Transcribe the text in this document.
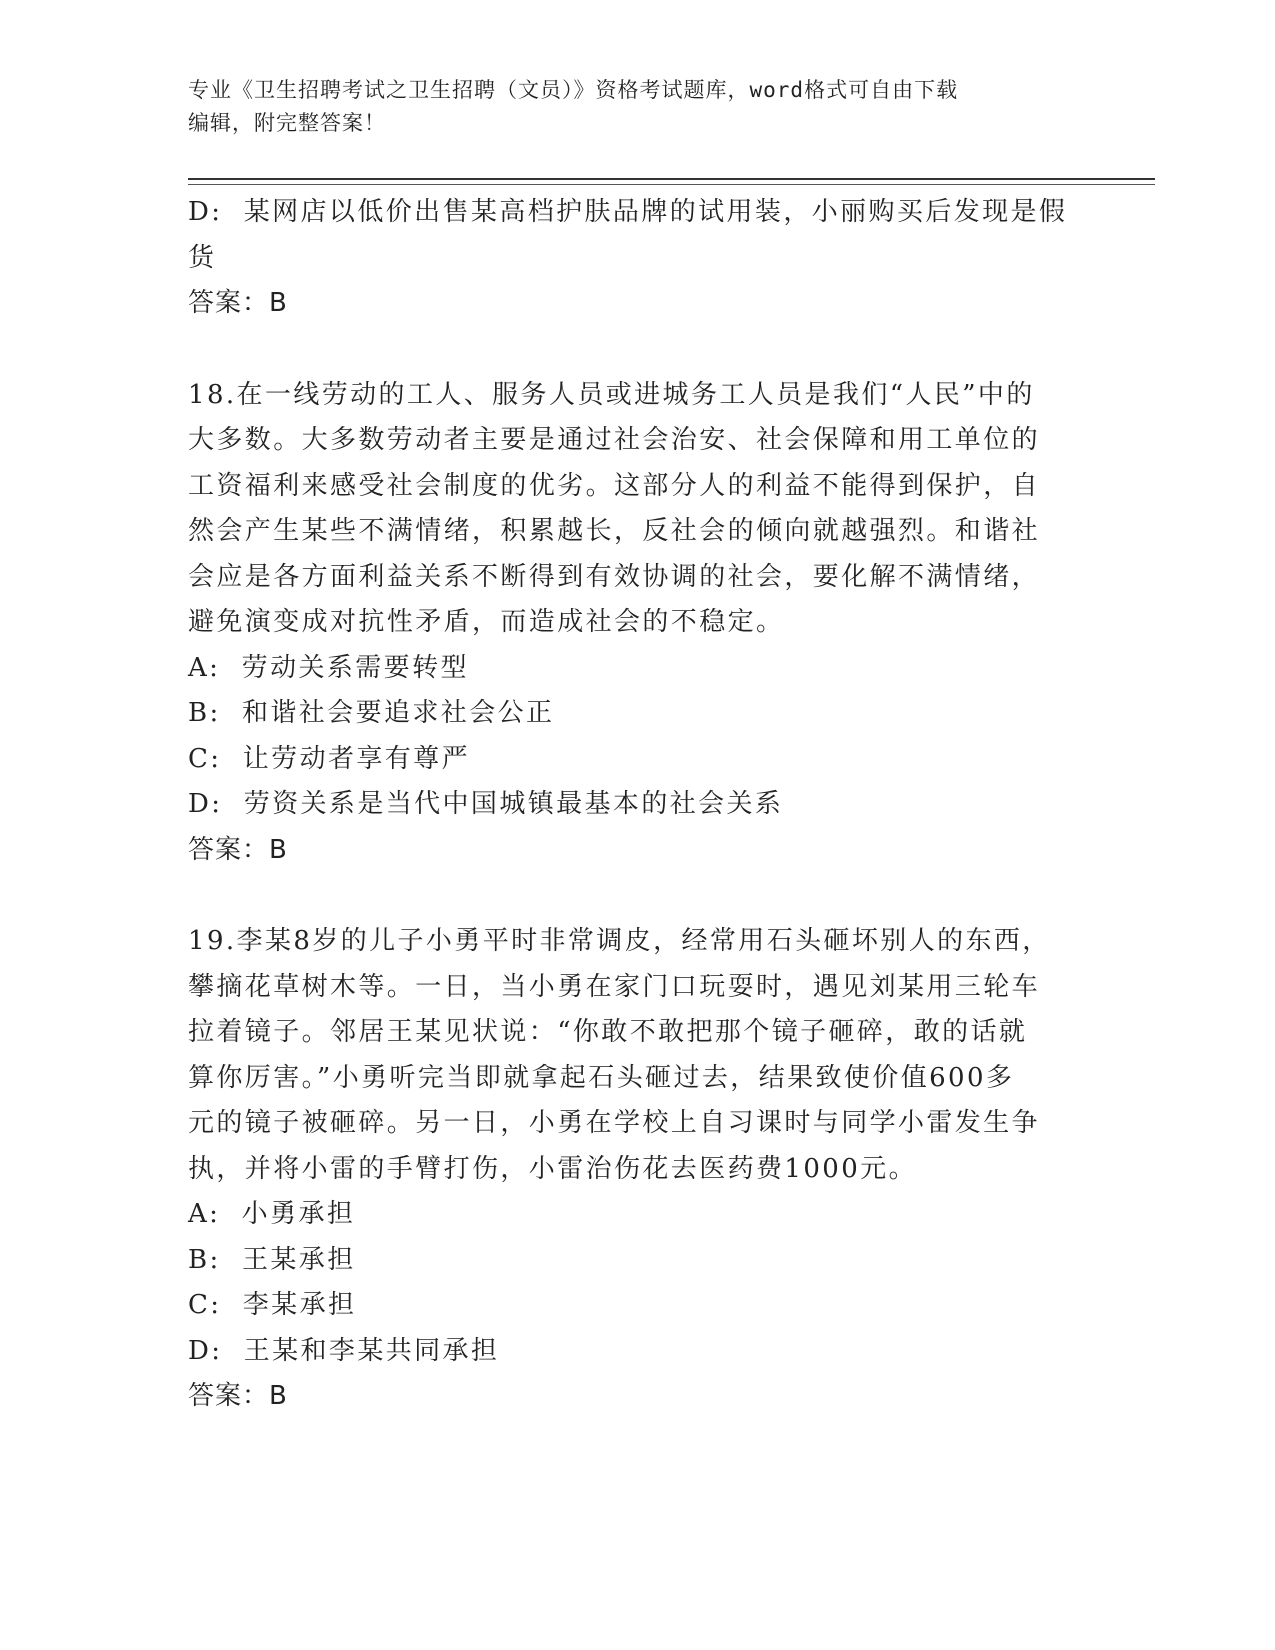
专业《卫生招聘考试之卫生招聘（文员）》资格考试题库，word格式可自由下载
编辑，附完整答案！

D:  某网店以低价出售某高档护肤品牌的试用装，小丽购买后发现是假

货

答案：B

18.在一线劳动的工人、服务人员或进城务工人员是我们“人民”中的

大多数。大多数劳动者主要是通过社会治安、社会保障和用工单位的

工资福利来感受社会制度的优劣。这部分人的利益不能得到保护，自

然会产生某些不满情绪，积累越长，反社会的倾向就越强烈。和谐社

会应是各方面利益关系不断得到有效协调的社会，要化解不满情绪，

避免演变成对抗性矛盾，而造成社会的不稳定。

A:  劳动关系需要转型

B:  和谐社会要追求社会公正

C:  让劳动者享有尊严

D:  劳资关系是当代中国城镇最基本的社会关系

答案：B

19.李某8岁的儿子小勇平时非常调皮，经常用石头砸坏别人的东西，

攀摘花草树木等。一日，当小勇在家门口玩耍时，遇见刘某用三轮车

拉着镜子。邻居王某见状说：“你敢不敢把那个镜子砸碎，敢的话就

算你厉害。”小勇听完当即就拿起石头砸过去，结果致使价值600多

元的镜子被砸碎。另一日，小勇在学校上自习课时与同学小雷发生争

执，并将小雷的手臂打伤，小雷治伤花去医药费1000元。

A:  小勇承担

B:  王某承担

C:  李某承担

D:  王某和李某共同承担

答案：B
